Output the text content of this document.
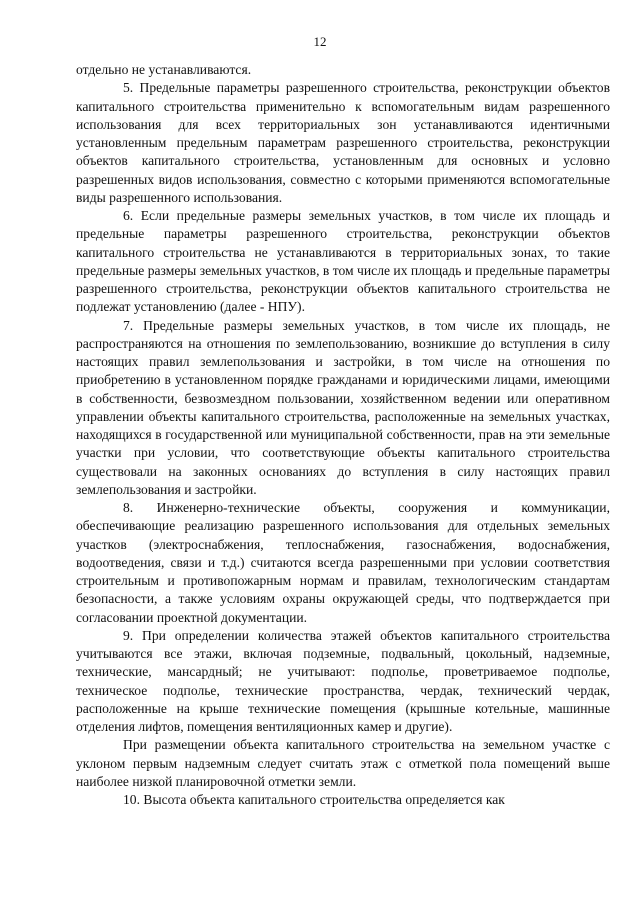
12

отдельно не устанавливаются.

5. Предельные параметры разрешенного строительства, реконструкции объектов капитального строительства применительно к вспомогательным видам разрешенного использования для всех территориальных зон устанавливаются идентичными установленным предельным параметрам разрешенного строительства, реконструкции объектов капитального строительства, установленным для основных и условно разрешенных видов использования, совместно с которыми применяются вспомогательные виды разрешенного использования.

6. Если предельные размеры земельных участков, в том числе их площадь и предельные параметры разрешенного строительства, реконструкции объектов капитального строительства не устанавливаются в территориальных зонах, то такие предельные размеры земельных участков, в том числе их площадь и предельные параметры разрешенного строительства, реконструкции объектов капитального строительства не подлежат установлению (далее - НПУ).

7. Предельные размеры земельных участков, в том числе их площадь, не распространяются на отношения по землепользованию, возникшие до вступления в силу настоящих правил землепользования и застройки, в том числе на отношения по приобретению в установленном порядке гражданами и юридическими лицами, имеющими в собственности, безвозмездном пользовании, хозяйственном ведении или оперативном управлении объекты капитального строительства, расположенные на земельных участках, находящихся в государственной или муниципальной собственности, прав на эти земельные участки при условии, что соответствующие объекты капитального строительства существовали на законных основаниях до вступления в силу настоящих правил землепользования и застройки.

8. Инженерно-технические объекты, сооружения и коммуникации, обеспечивающие реализацию разрешенного использования для отдельных земельных участков (электроснабжения, теплоснабжения, газоснабжения, водоснабжения, водоотведения, связи и т.д.) считаются всегда разрешенными при условии соответствия строительным и противопожарным нормам и правилам, технологическим стандартам безопасности, а также условиям охраны окружающей среды, что подтверждается при согласовании проектной документации.

9. При определении количества этажей объектов капитального строительства учитываются все этажи, включая подземные, подвальный, цокольный, надземные, технические, мансардный; не учитывают: подполье, проветриваемое подполье, техническое подполье, технические пространства, чердак, технический чердак, расположенные на крыше технические помещения (крышные котельные, машинные отделения лифтов, помещения вентиляционных камер и другие).

При размещении объекта капитального строительства на земельном участке с уклоном первым надземным следует считать этаж с отметкой пола помещений выше наиболее низкой планировочной отметки земли.

10. Высота объекта капитального строительства определяется как
